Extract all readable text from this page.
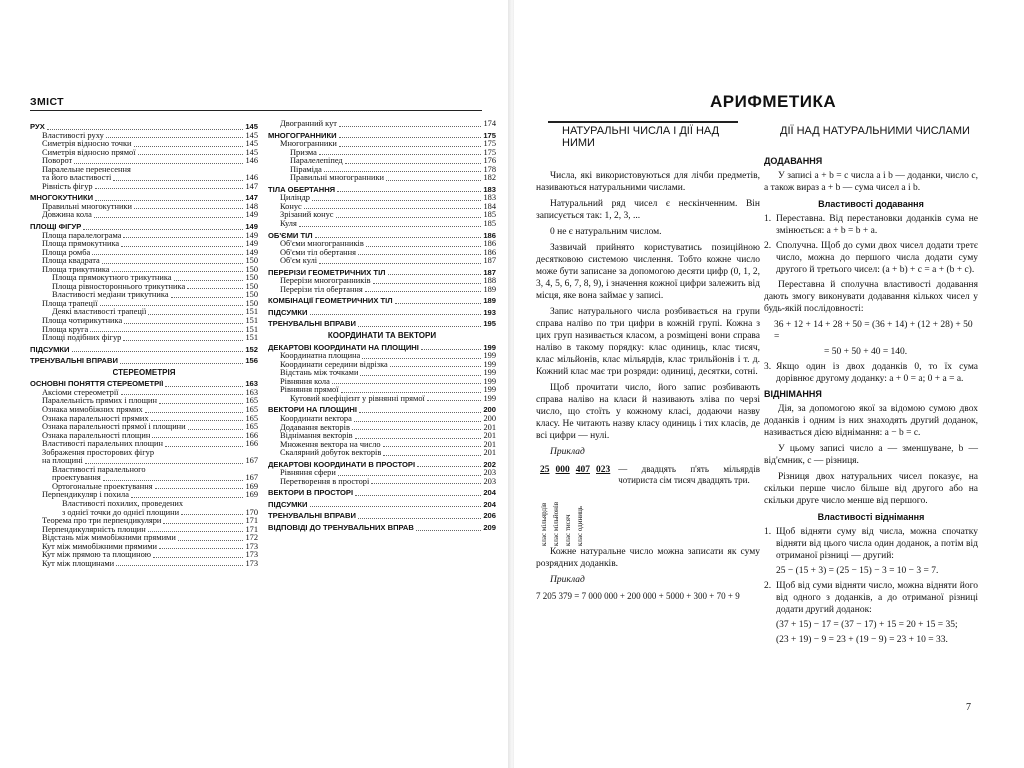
ЗМІСТ
РУХ	145
Властивості руху	145
Симетрія відносно точки	145
Симетрія відносно прямої	145
Поворот	146
Паралельне перенесення
та його властивості	146
Рівність фігур	147
МНОГОКУТНИКИ	147
Правильні многокутники	148
Довжина кола	149
ПЛОЩІ ФІГУР	149
Площа паралелограма	149
Площа прямокутника	149
Площа ромба	149
Площа квадрата	150
Площа трикутника	150
Площа прямокутного трикутника	150
Площа рівностороннього трикутника	150
Властивості медіани трикутника	150
Площа трапеції	150
Деякі властивості трапеції	151
Площа чотирикутника	151
Площа круга	151
Площі подібних фігур	151
ПІДСУМКИ	152
ТРЕНУВАЛЬНІ ВПРАВИ	156
СТЕРЕОМЕТРІЯ
ОСНОВНІ ПОНЯТТЯ СТЕРЕОМЕТРІЇ	163
Аксіоми стереометрії	163
Паралельність прямих і площин	165
Ознака мимобіжних прямих	165
Ознака паралельності прямих	165
Ознака паралельності прямої і площини	165
Ознака паралельності площин	166
Властивості паралельних площин	166
Зображення просторових фігур
на площині	167
Властивості паралельного
проектування	167
Ортогональне проектування	169
Перпендикуляр і похила	169
Властивості похилих, проведених
з однієї точки до однієї площини	170
Теорема про три перпендикуляри	171
Перпендикулярність площин	171
Відстань між мимобіжними прямими	172
Кут між мимобіжними прямими	173
Кут між прямою та площиною	173
Кут між площинами	173
Двогранний кут	174
МНОГОГРАННИКИ	175
Многогранники	175
Призма	175
Паралелепіпед	176
Піраміда	178
Правильні многогранники	182
ТІЛА ОБЕРТАННЯ	183
Циліндр	183
Конус	184
Зрізаний конус	185
Куля	185
ОБ'ЄМИ ТІЛ	186
Об'єми многогранників	186
Об'єми тіл обертання	186
Об'єм кулі	187
ПЕРЕРІЗИ ГЕОМЕТРИЧНИХ ТІЛ	187
Перерізи многогранників	188
Перерізи тіл обертання	189
КОМБІНАЦІЇ ГЕОМЕТРИЧНИХ ТІЛ	189
ПІДСУМКИ	193
ТРЕНУВАЛЬНІ ВПРАВИ	195
КООРДИНАТИ ТА ВЕКТОРИ
ДЕКАРТОВІ КООРДИНАТИ НА ПЛОЩИНІ	199
Координатна площина	199
Координати середини відрізка	199
Відстань між точками	199
Рівняння кола	199
Рівняння прямої	199
Кутовий коефіцієнт у рівнянні прямої	199
ВЕКТОРИ НА ПЛОЩИНІ	200
Координати вектора	200
Додавання векторів	201
Віднімання векторів	201
Множення вектора на число	201
Скалярний добуток векторів	201
ДЕКАРТОВІ КООРДИНАТИ В ПРОСТОРІ	202
Рівняння сфери	203
Перетворення в просторі	203
ВЕКТОРИ В ПРОСТОРІ	204
ПІДСУМКИ	204
ТРЕНУВАЛЬНІ ВПРАВИ	206
ВІДПОВІДІ ДО ТРЕНУВАЛЬНИХ ВПРАВ	209
АРИФМЕТИКА
НАТУРАЛЬНІ ЧИСЛА І ДІЇ НАД НИМИ
ДІЇ НАД НАТУРАЛЬНИМИ ЧИСЛАМИ

Числа, які використовуються для лічби предметів, називаються натуральними числами.

Натуральний ряд чисел є нескінченним. Він записується так: 1, 2, 3, ...

0 не є натуральним числом.

Зазвичай прийнято користуватись позиційною десятковою системою числення. Тобто кожне число може бути записане за допомогою десяти цифр (0, 1, 2, 3, 4, 5, 6, 7, 8, 9), і значення кожної цифри залежить від місця, яке вона займає у записі.

Запис натурального числа розбивається на групи справа наліво по три цифри в кожній групі. Кожна з цих груп називається класом, а розміщені вони справа наліво в такому порядку: клас одиниць, клас тисяч, клас мільйонів, клас мільярдів, клас трильйонів і т. д. Кожний клас має три розряди: одиниці, десятки, сотні.

Щоб прочитати число, його запис розбивають справа наліво на класи й називають зліва по черзі число, що стоїть у кожному класі, додаючи назву класу. Не читають назву класу одиниць і тих класів, де всі цифри — нулі.

Приклад
25 000 407 023
клас мільярдів клас мільйонів клас тисяч клас одиниць
— двадцять п'ять мільярдів чотириста сім тисяч двадцять три.

Кожне натуральне число можна записати як суму розрядних доданків.

Приклад
7 205 379 = 7 000 000 + 200 000 + 5000 + 300 + 70 + 9
ДОДАВАННЯ

У записі a + b = c числа a і b — доданки, число c, а також вираз a + b — сума чисел a і b.

Властивості додавання
1. Переставна. Від перестановки доданків сума не змінюється: a + b = b + a.
2. Сполучна. Щоб до суми двох чисел додати третє число, можна до першого числа додати суму другого й третього чисел: (a + b) + c = a + (b + c).

Переставна й сполучна властивості додавання дають змогу виконувати додавання кількох чисел у будь-якій послідовності:

36 + 12 + 14 + 28 + 50 = (36 + 14) + (12 + 28) + 50 =
= 50 + 50 + 40 = 140.
3. Якщо один із двох доданків 0, то їх сума дорівнює другому доданку: a + 0 = a; 0 + a = a.
ВІДНІМАННЯ

Дія, за допомогою якої за відомою сумою двох доданків і одним із них знаходять другий доданок, називається дією віднімання: a − b = c.

У цьому записі число a — зменшуване, b — від'ємник, c — різниця.

Різниця двох натуральних чисел показує, на скільки перше число більше від другого або на скільки друге число менше від першого.

Властивості віднімання
1. Щоб відняти суму від числа, можна спочатку відняти від цього числа один доданок, а потім від отриманої різниці — другий:
25 − (15 + 3) = (25 − 15) − 3 = 10 − 3 = 7.
2. Щоб від суми відняти число, можна відняти його від одного з доданків, а до отриманої різниці додати другий доданок:
(37 + 15) − 17 = (37 − 17) + 15 = 20 + 15 = 35;
(23 + 19) − 9 = 23 + (19 − 9) = 23 + 10 = 33.
7
